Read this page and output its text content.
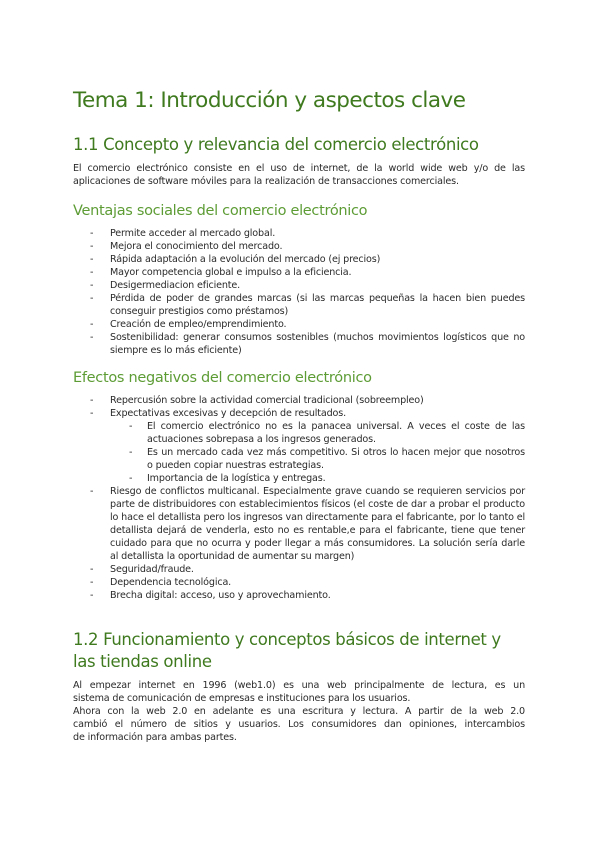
Tema 1: Introducción y aspectos clave
1.1 Concepto y relevancia del comercio electrónico

El comercio electrónico consiste en el uso de internet, de la world wide web y/o de las
aplicaciones de software móviles para la realización de transacciones comerciales.

Ventajas sociales del comercio electrónico
- Permite acceder al mercado global.
- Mejora el conocimiento del mercado.
- Rápida adaptación a la evolución del mercado (ej precios)
- Mayor competencia global e impulso a la eficiencia.
- Desigermediacion eficiente.
- Pérdida de poder de grandes marcas (si las marcas pequeñas la hacen bien puedes conseguir prestigios como préstamos)
- Creación de empleo/emprendimiento.
- Sostenibilidad: generar consumos sostenibles (muchos movimientos logísticos que no siempre es lo más eficiente)
Efectos negativos del comercio electrónico
- Repercusión sobre la actividad comercial tradicional (sobreempleo)
- Expectativas excesivas y decepción de resultados.
- El comercio electrónico no es la panacea universal. A veces el coste de las actuaciones sobrepasa a los ingresos generados.
- Es un mercado cada vez más competitivo. Si otros lo hacen mejor que nosotros o pueden copiar nuestras estrategias.
- Importancia de la logística y entregas.
- Riesgo de conflictos multicanal. Especialmente grave cuando se requieren servicios por parte de distribuidores con establecimientos físicos (el coste de dar a probar el producto lo hace el detallista pero los ingresos van directamente para el fabricante, por lo tanto el detallista dejará de venderla, esto no es rentable,e para el fabricante, tiene que tener cuidado para que no ocurra y poder llegar a más consumidores. La solución sería darle al detallista la oportunidad de aumentar su margen)
- Seguridad/fraude.
- Dependencia tecnológica.
- Brecha digital: acceso, uso y aprovechamiento.
1.2 Funcionamiento y conceptos básicos de internet y
las tiendas online

Al empezar internet en 1996 (web1.0) es una web principalmente de lectura, es un
sistema de comunicación de empresas e instituciones para los usuarios.
Ahora con la web 2.0 en adelante es una escritura y lectura. A partir de la web 2.0
cambió el número de sitios y usuarios. Los consumidores dan opiniones, intercambios
de información para ambas partes.
